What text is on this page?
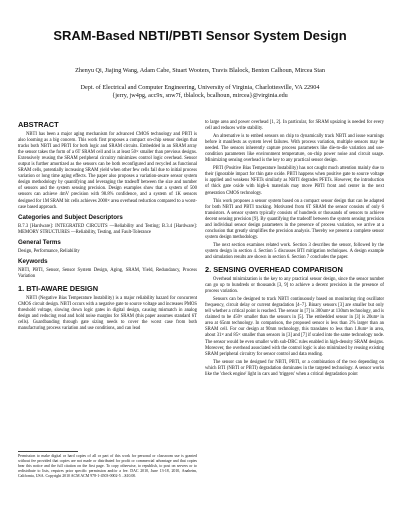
SRAM-Based NBTI/PBTI Sensor System Design
Zhenyu Qi, Jiajing Wang, Adam Cabe, Stuart Wooters, Travis Blalock, Benton Calhoun, Mircea Stan
Dept. of Electrical and Computer Engineering, University of Virginia, Charlottesville, VA 22904
{jerry, jw4pg, acc9x, snw7f, tblalock, bcalhoun, mircea}@virginia.edu
ABSTRACT

NBTI has been a major aging mechanism for advanced CMOS technology and PBTI is also looming as a big concern. This work first proposes a compact on-chip sensor design that tracks both NBTI and PBTI for both logic and SRAM circuits. Embedded in an SRAM array the sensor takes the form of a 6T SRAM cell and is at least 50× smaller than previous designs. Extensively reusing the SRAM peripheral circuitry minimizes control logic overhead. Sensor output is further amortized as the sensors can be both reconfigured and recycled as functional SRAM cells, potentially increasing SRAM yield when other few cells fail due to initial process variation or long time aging effects. The paper also proposes a variation-aware sensor system design methodology by quantifying and leveraging the tradeoff between the size and number of sensors and the system sensing precision. Design examples show that a system of 500 sensors can achieve 4mV precision with 98.8% confidence, and a system of 1K sensors designed for 1M SRAM bit cells achieves 2000× area overhead reduction compared to a worst-case based approach.

Categories and Subject Descriptors

B.7.3 [Hardware]: INTEGRATED CIRCUITS —Reliability and Testing; B.3.4 [Hardware]: MEMORY STRUCTURES —Reliability, Testing, and Fault-Tolerance

General Terms

Design, Performance, Reliability

Keywords

NBTI, PBTI, Sensor, Sensor System Design, Aging, SRAM, Yield, Redundancy, Process Variation

1. BTI-AWARE DESIGN

NBTI (Negative Bias Temperature Instability) is a major reliability hazard for concurrent CMOS circuit design. NBTI occurs with a negative gate to source voltage and increases PMOS threshold voltage, slowing down logic gates in digital design, causing mismatch in analog design and reducing read and hold noise margins for SRAM (this paper assumes standard 6T cells). Guardbanding through gate sizing needs to cover the worst case from both manufacturing process variation and use conditions, and can lead

Permission to make digital or hard copies of all or part of this work for personal or classroom use is granted without fee provided that copies are not made or distributed for profit or commercial advantage and that copies bear this notice and the full citation on the first page. To copy otherwise, to republish, to post on servers or to redistribute to lists, requires prior specific permission and/or a fee. DAC 2010, June 13-18, 2010, Anaheim, California, USA. Copyright 2010 ACM ACM 978-1-4503-0002-5 ...$10.00.

to large area and power overhead [1, 2]. In particular, for SRAM upsizing is needed for every cell and reduces write stability.

An alternative is to embed sensors on chip to dynamically track NBTI and issue warnings before it manifests as system level failures. With process variation, multiple sensors may be needed. The sensors inherently capture process parameters like die-to-die variation and use-condition parameters like environment temperature, on-chip power noise and circuit usage. Minimizing sensing overhead is the key to any practical sensor design.

PBTI (Positive Bias Temperature Instability) has not caught much attention mainly due to their (ignorable impact for thin gate oxide. PBTI happens when positive gate to source voltage is applied and weakens NFETs similarly as NBTI degrades PFETs. However, the introduction of thick gate oxide with high-k materials may move PBTI front and center in the next generation CMOS technology.

This work proposes a sensor system based on a compact sensor design that can be adapted for both NBTI and PBTI tracking. Motivated from 6T SRAM the sensor consists of only 6 transistors. A sensor system typically consists of hundreds or thousands of sensors to achieve decent sensing precision [9]. By quantifying the tradeoff between the system sensing precision and individual sensor design parameters in the presence of process variation, we arrive at a conclusion that greatly simplifies the precision analysis. Thereby we present a complete sensor system design methodology.

The next section examines related work. Section 3 describes the sensor, followed by the system design in section 4. Section 5 discusses BTI mitigation techniques. A design example and simulation results are shown in section 6. Section 7 concludes the paper.

2. SENSING OVERHEAD COMPARISON

Overhead minimization is the key to any practical sensor design, since the sensor number can go up to hundreds or thousands [3, 9] to achieve a decent precision in the presence of process variation.

Sensors can be designed to track NBTI continuously based on monitoring ring oscillator frequency, circuit delay or current degradation [4–7]. Binary sensors [3] are smaller but only tell whether a critical point is reached. The sensor in [7] is 300um² at 130nm technology, and is claimed to be 450× smaller than the sensors in [5]. The embedded sensor in [3] is 20um² in area at 65nm technology. In comparison, the proposed sensor is less than 2% larger than an SRAM cell. For our design at 90nm technology, this translates to less than 1.8um² in area, about 31× and 85× smaller than sensors in [3] and [7] if scaled into the same technology node. The sensor would be even smaller with sub-DRC rules enabled in high-density SRAM designs. Moreover, the overhead associated with the control logic is also minimized by reusing existing SRAM peripheral circuitry for sensor control and data reading.

The sensor can be designed for NBTI, PBTI, or a combination of the two depending on which BTI (NBTI or PBTI) degradation dominates in the targeted technology. A sensor works like the 'check engine' light in cars and 'triggers' when a critical degradation point
